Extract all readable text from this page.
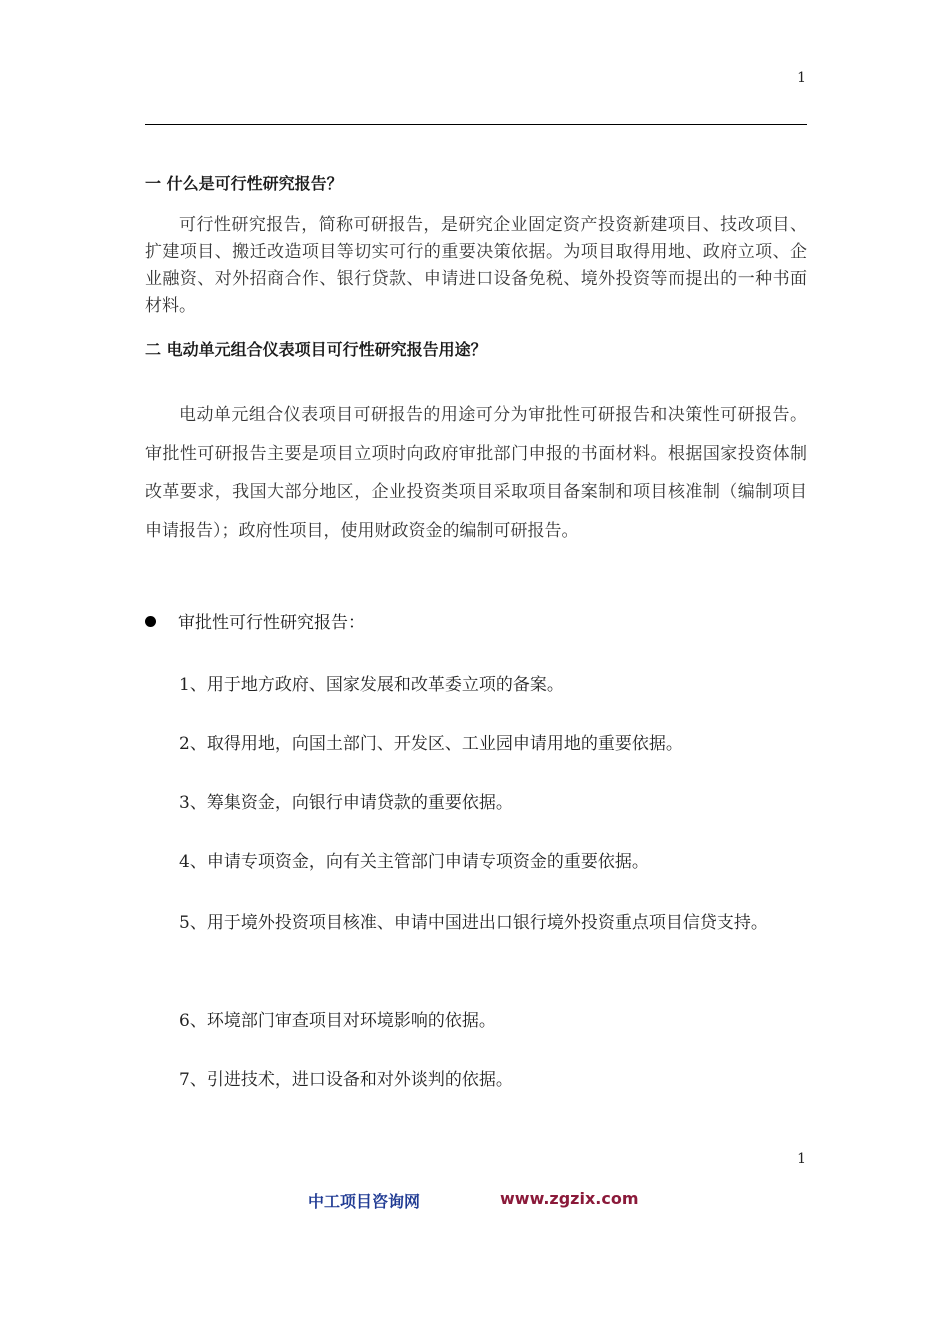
1
一 什么是可行性研究报告？
可行性研究报告，简称可研报告，是研究企业固定资产投资新建项目、技改项目、扩建项目、搬迁改造项目等切实可行的重要决策依据。为项目取得用地、政府立项、企业融资、对外招商合作、银行贷款、申请进口设备免税、境外投资等而提出的一种书面材料。
二 电动单元组合仪表项目可行性研究报告用途？
电动单元组合仪表项目可研报告的用途可分为审批性可研报告和决策性可研报告。审批性可研报告主要是项目立项时向政府审批部门申报的书面材料。根据国家投资体制改革要求，我国大部分地区，企业投资类项目采取项目备案制和项目核准制（编制项目申请报告）；政府性项目，使用财政资金的编制可研报告。
审批性可行性研究报告：
1、用于地方政府、国家发展和改革委立项的备案。
2、取得用地，向国土部门、开发区、工业园申请用地的重要依据。
3、筹集资金，向银行申请贷款的重要依据。
4、申请专项资金，向有关主管部门申请专项资金的重要依据。
5、用于境外投资项目核准、申请中国进出口银行境外投资重点项目信贷支持。
6、环境部门审查项目对环境影响的依据。
7、引进技术，进口设备和对外谈判的依据。
1
中工项目咨询网	www.zgzix.com
